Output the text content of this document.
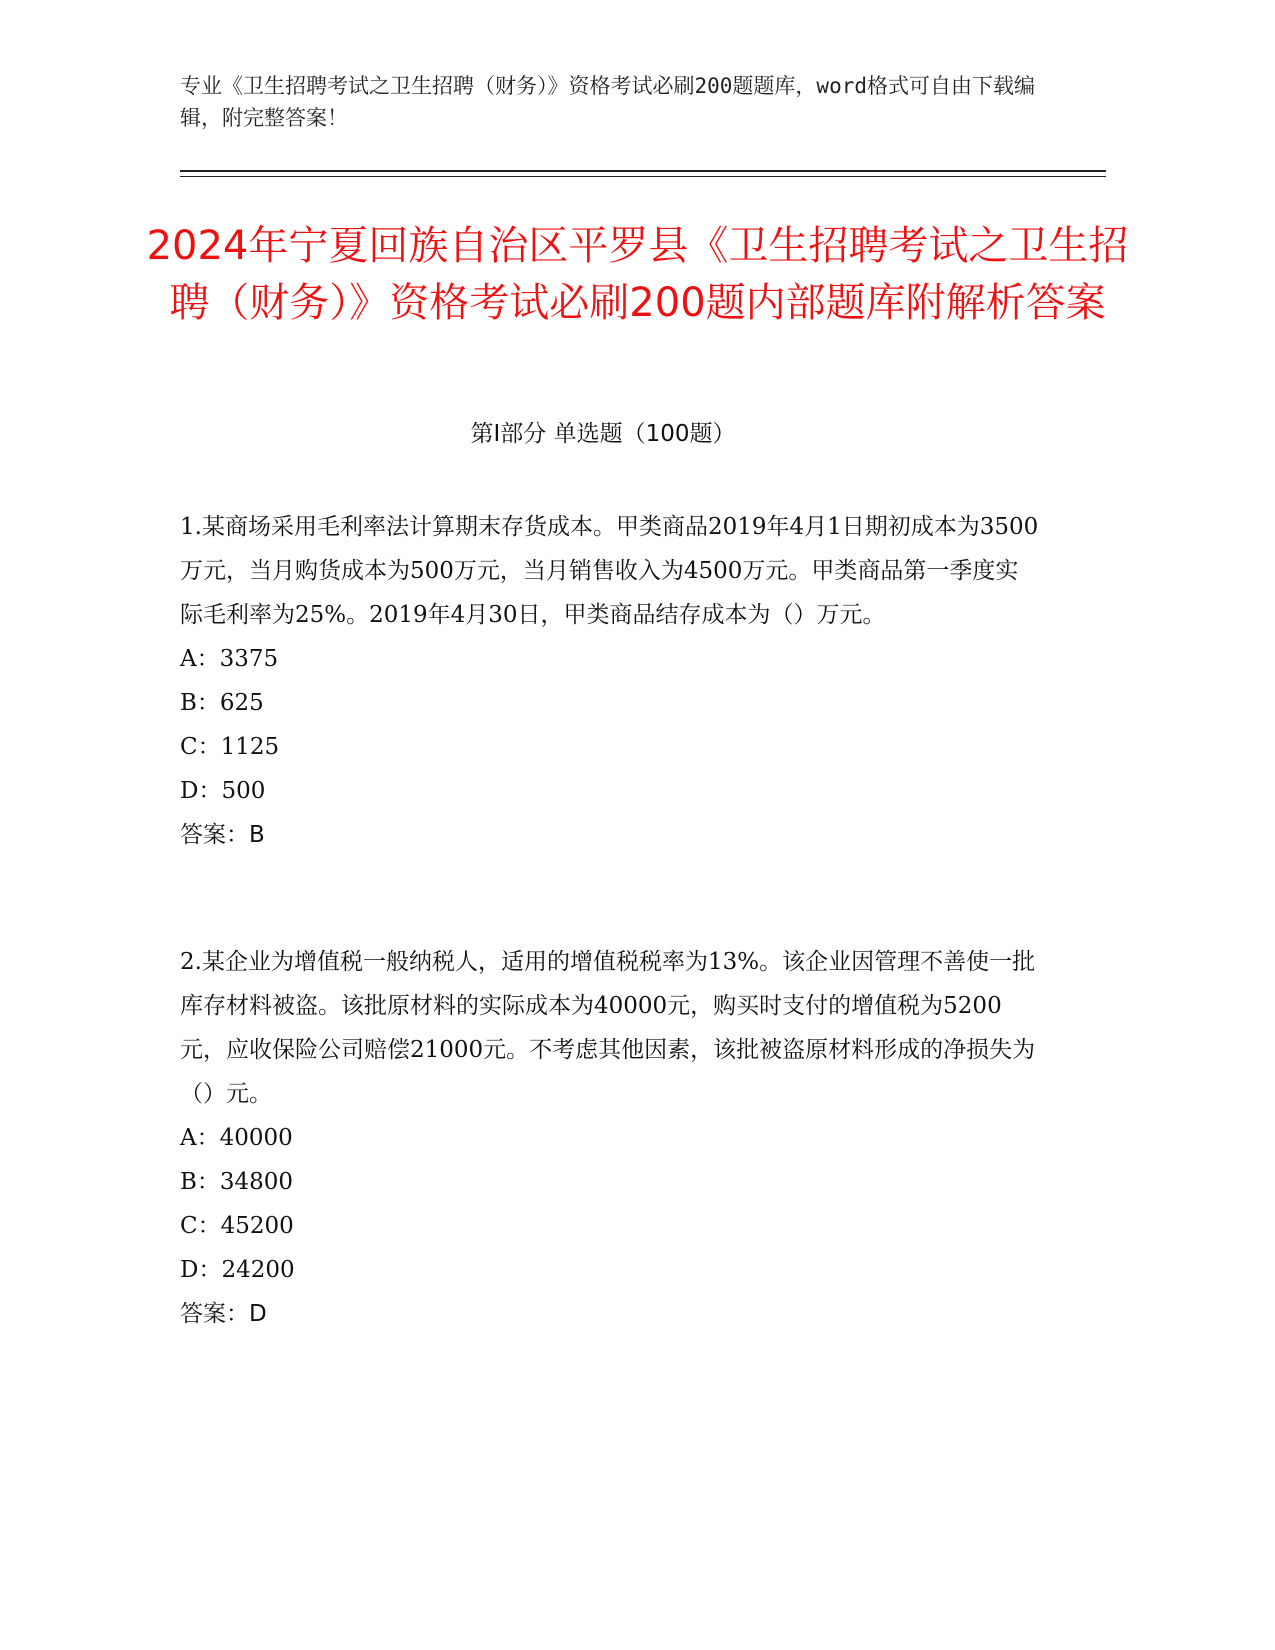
专业《卫生招聘考试之卫生招聘（财务）》资格考试必刷200题题库，word格式可自由下载编辑，附完整答案！
2024年宁夏回族自治区平罗县《卫生招聘考试之卫生招聘（财务）》资格考试必刷200题内部题库附解析答案
第I部分 单选题（100题）

1.某商场采用毛利率法计算期末存货成本。甲类商品2019年4月1日期初成本为3500万元，当月购货成本为500万元，当月销售收入为4500万元。甲类商品第一季度实际毛利率为25%。2019年4月30日，甲类商品结存成本为（）万元。

A：3375
B：625
C：1125
D：500
答案：B

2.某企业为增值税一般纳税人，适用的增值税税率为13%。该企业因管理不善使一批库存材料被盗。该批原材料的实际成本为40000元，购买时支付的增值税为5200元，应收保险公司赔偿21000元。不考虑其他因素，该批被盗原材料形成的净损失为（）元。

A：40000
B：34800
C：45200
D：24200
答案：D
